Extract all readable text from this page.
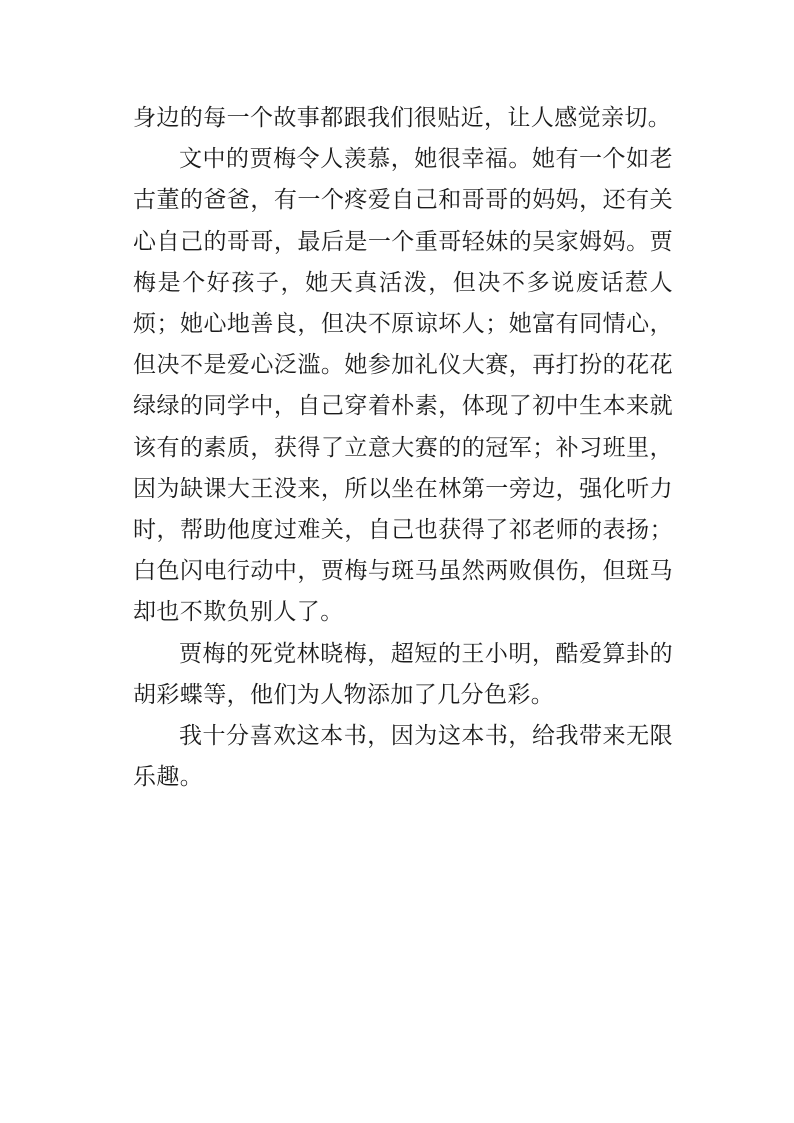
身边的每一个故事都跟我们很贴近，让人感觉亲切。

文中的贾梅令人羡慕，她很幸福。她有一个如老古董的爸爸，有一个疼爱自己和哥哥的妈妈，还有关心自己的哥哥，最后是一个重哥轻妹的吴家姆妈。贾梅是个好孩子，她天真活泼，但决不多说废话惹人烦；她心地善良，但决不原谅坏人；她富有同情心，但决不是爱心泛滥。她参加礼仪大赛，再打扮的花花绿绿的同学中，自己穿着朴素，体现了初中生本来就该有的素质，获得了立意大赛的的冠军；补习班里，因为缺课大王没来，所以坐在林第一旁边，强化听力时，帮助他度过难关，自己也获得了祁老师的表扬；白色闪电行动中，贾梅与斑马虽然两败俱伤，但斑马却也不欺负别人了。

贾梅的死党林晓梅，超短的王小明，酷爱算卦的胡彩蝶等，他们为人物添加了几分色彩。

我十分喜欢这本书，因为这本书，给我带来无限乐趣。
